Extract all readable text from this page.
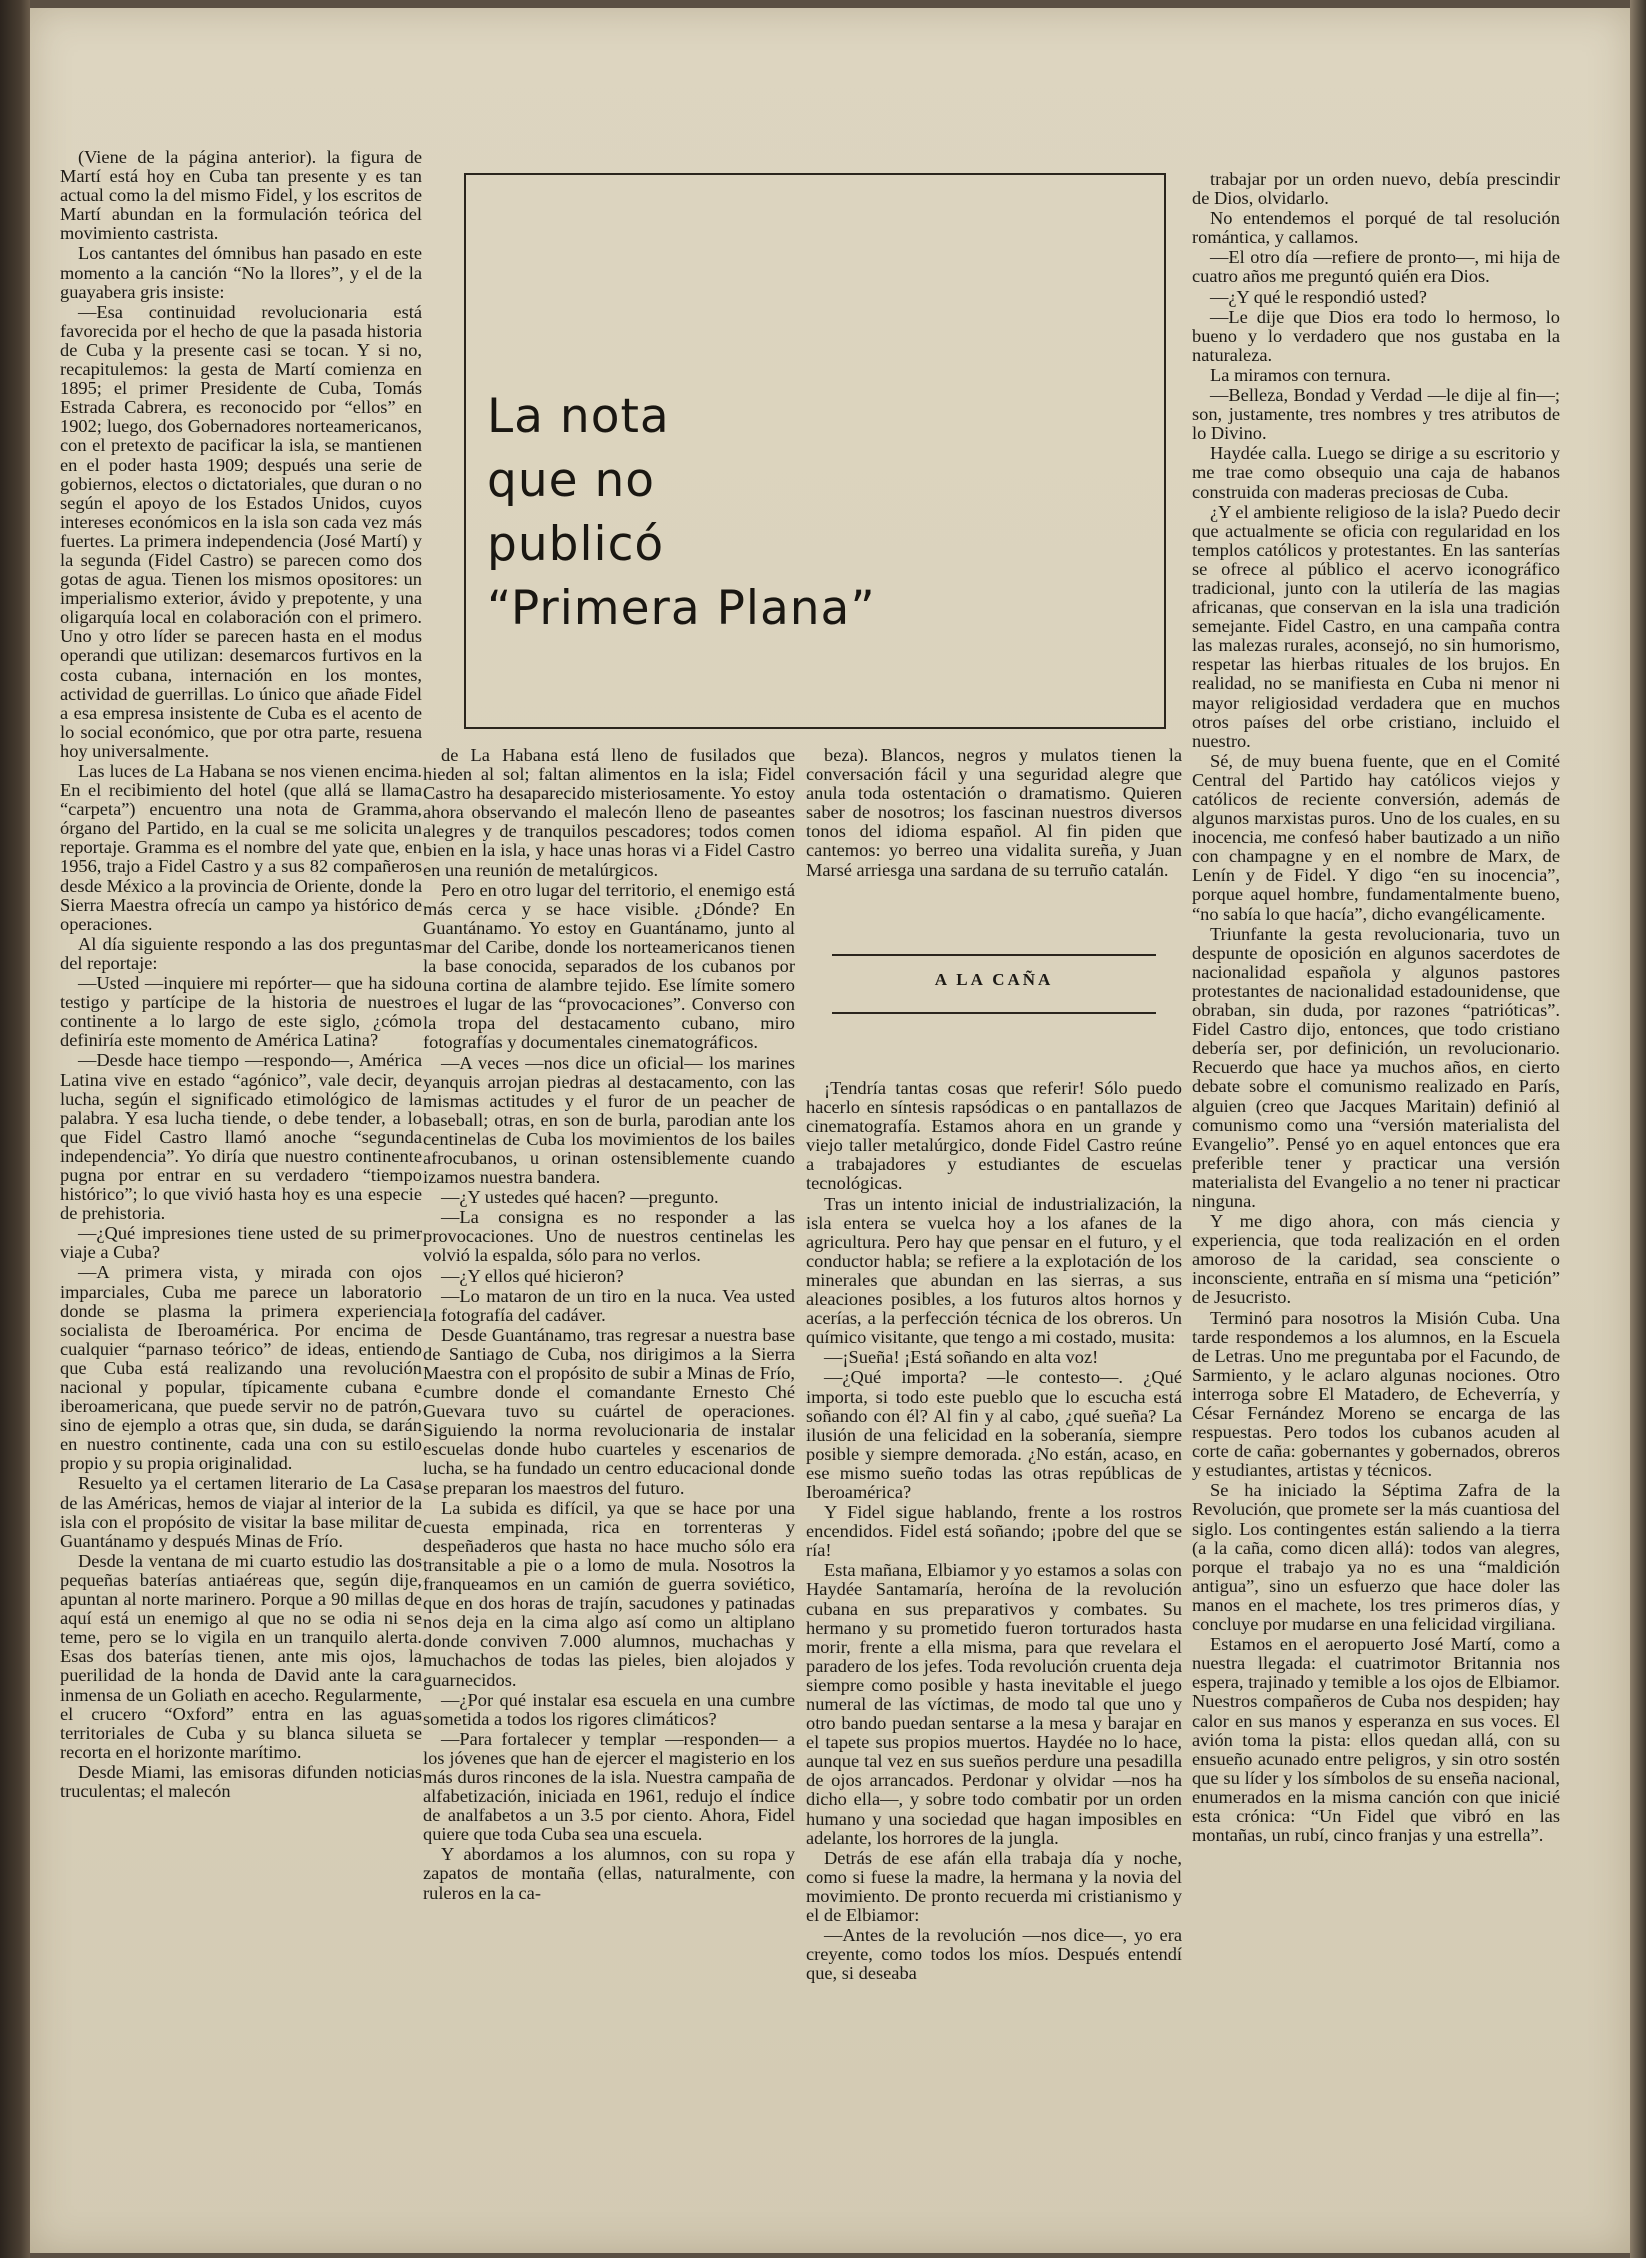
La nota
que no
publicó
“Primera Plana”

(Viene de la página anterior). la figura de Martí está hoy en Cuba tan presente y es tan actual como la del mismo Fidel, y los escritos de Martí abundan en la formulación teórica del movimiento castrista.

Los cantantes del ómnibus han pasado en este momento a la canción “No la llores”, y el de la guayabera gris insiste:

—Esa continuidad revolucionaria está favorecida por el hecho de que la pasada historia de Cuba y la presente casi se tocan. Y si no, recapitulemos: la gesta de Martí comienza en 1895; el primer Presidente de Cuba, Tomás Estrada Cabrera, es reconocido por “ellos” en 1902; luego, dos Gobernadores norteamericanos, con el pretexto de pacificar la isla, se mantienen en el poder hasta 1909; después una serie de gobiernos, electos o dictatoriales, que duran o no según el apoyo de los Estados Unidos, cuyos intereses económicos en la isla son cada vez más fuertes. La primera independencia (José Martí) y la segunda (Fidel Castro) se parecen como dos gotas de agua. Tienen los mismos opositores: un imperialismo exterior, ávido y prepotente, y una oligarquía local en colaboración con el primero. Uno y otro líder se parecen hasta en el modus operandi que utilizan: desemarcos furtivos en la costa cubana, internación en los montes, actividad de guerrillas. Lo único que añade Fidel a esa empresa insistente de Cuba es el acento de lo social económico, que por otra parte, resuena hoy universalmente.

Las luces de La Habana se nos vienen encima. En el recibimiento del hotel (que allá se llama “carpeta”) encuentro una nota de Gramma, órgano del Partido, en la cual se me solicita un reportaje. Gramma es el nombre del yate que, en 1956, trajo a Fidel Castro y a sus 82 compañeros desde México a la provincia de Oriente, donde la Sierra Maestra ofrecía un campo ya histórico de operaciones.

Al día siguiente respondo a las dos preguntas del reportaje:

—Usted —inquiere mi repórter— que ha sido testigo y partícipe de la historia de nuestro continente a lo largo de este siglo, ¿cómo definiría este momento de América Latina?

—Desde hace tiempo —respondo—, América Latina vive en estado “agónico”, vale decir, de lucha, según el significado etimológico de la palabra. Y esa lucha tiende, o debe tender, a lo que Fidel Castro llamó anoche “segunda independencia”. Yo diría que nuestro continente pugna por entrar en su verdadero “tiempo histórico”; lo que vivió hasta hoy es una especie de prehistoria.

—¿Qué impresiones tiene usted de su primer viaje a Cuba?

—A primera vista, y mirada con ojos imparciales, Cuba me parece un laboratorio donde se plasma la primera experiencia socialista de Iberoamérica. Por encima de cualquier “parnaso teórico” de ideas, entiendo que Cuba está realizando una revolución nacional y popular, típicamente cubana e iberoamericana, que puede servir no de patrón, sino de ejemplo a otras que, sin duda, se darán en nuestro continente, cada una con su estilo propio y su propia originalidad.

Resuelto ya el certamen literario de La Casa de las Américas, hemos de viajar al interior de la isla con el propósito de visitar la base militar de Guantánamo y después Minas de Frío.

Desde la ventana de mi cuarto estudio las dos pequeñas baterías antiaéreas que, según dije, apuntan al norte marinero. Porque a 90 millas de aquí está un enemigo al que no se odia ni se teme, pero se lo vigila en un tranquilo alerta. Esas dos baterías tienen, ante mis ojos, la puerilidad de la honda de David ante la cara inmensa de un Goliath en acecho. Regularmente, el crucero “Oxford” entra en las aguas territoriales de Cuba y su blanca silueta se recorta en el horizonte marítimo.

Desde Miami, las emisoras difunden noticias truculentas; el malecón

de La Habana está lleno de fusilados que hieden al sol; faltan alimentos en la isla; Fidel Castro ha desaparecido misteriosamente. Yo estoy ahora observando el malecón lleno de paseantes alegres y de tranquilos pescadores; todos comen bien en la isla, y hace unas horas vi a Fidel Castro en una reunión de metalúrgicos.

Pero en otro lugar del territorio, el enemigo está más cerca y se hace visible. ¿Dónde? En Guantánamo. Yo estoy en Guantánamo, junto al mar del Caribe, donde los norteamericanos tienen la base conocida, separados de los cubanos por una cortina de alambre tejido. Ese límite somero es el lugar de las “provocaciones”. Converso con la tropa del destacamento cubano, miro fotografías y documentales cinematográficos.

—A veces —nos dice un oficial— los marines yanquis arrojan piedras al destacamento, con las mismas actitudes y el furor de un peacher de baseball; otras, en son de burla, parodian ante los centinelas de Cuba los movimientos de los bailes afrocubanos, u orinan ostensiblemente cuando izamos nuestra bandera.

—¿Y ustedes qué hacen? —pregunto.

—La consigna es no responder a las provocaciones. Uno de nuestros centinelas les volvió la espalda, sólo para no verlos.

—¿Y ellos qué hicieron?

—Lo mataron de un tiro en la nuca. Vea usted la fotografía del cadáver.

Desde Guantánamo, tras regresar a nuestra base de Santiago de Cuba, nos dirigimos a la Sierra Maestra con el propósito de subir a Minas de Frío, cumbre donde el comandante Ernesto Ché Guevara tuvo su cuártel de operaciones. Siguiendo la norma revolucionaria de instalar escuelas donde hubo cuarteles y escenarios de lucha, se ha fundado un centro educacional donde se preparan los maestros del futuro.

La subida es difícil, ya que se hace por una cuesta empinada, rica en torrenteras y despeñaderos que hasta no hace mucho sólo era transitable a pie o a lomo de mula. Nosotros la franqueamos en un camión de guerra soviético, que en dos horas de trajín, sacudones y patinadas nos deja en la cima algo así como un altiplano donde conviven 7.000 alumnos, muchachas y muchachos de todas las pieles, bien alojados y guarnecidos.

—¿Por qué instalar esa escuela en una cumbre sometida a todos los rigores climáticos?

—Para fortalecer y templar —responden— a los jóvenes que han de ejercer el magisterio en los más duros rincones de la isla. Nuestra campaña de alfabetización, iniciada en 1961, redujo el índice de analfabetos a un 3.5 por ciento. Ahora, Fidel quiere que toda Cuba sea una escuela.

Y abordamos a los alumnos, con su ropa y zapatos de montaña (ellas, naturalmente, con ruleros en la ca-

beza). Blancos, negros y mulatos tienen la conversación fácil y una seguridad alegre que anula toda ostentación o dramatismo. Quieren saber de nosotros; los fascinan nuestros diversos tonos del idioma español. Al fin piden que cantemos: yo berreo una vidalita sureña, y Juan Marsé arriesga una sardana de su terruño catalán.

A LA CAÑA

¡Tendría tantas cosas que referir! Sólo puedo hacerlo en síntesis rapsódicas o en pantallazos de cinematografía. Estamos ahora en un grande y viejo taller metalúrgico, donde Fidel Castro reúne a trabajadores y estudiantes de escuelas tecnológicas.

Tras un intento inicial de industrialización, la isla entera se vuelca hoy a los afanes de la agricultura. Pero hay que pensar en el futuro, y el conductor habla; se refiere a la explotación de los minerales que abundan en las sierras, a sus aleaciones posibles, a los futuros altos hornos y acerías, a la perfección técnica de los obreros. Un químico visitante, que tengo a mi costado, musita:

—¡Sueña! ¡Está soñando en alta voz!

—¿Qué importa? —le contesto—. ¿Qué importa, si todo este pueblo que lo escucha está soñando con él? Al fin y al cabo, ¿qué sueña? La ilusión de una felicidad en la soberanía, siempre posible y siempre demorada. ¿No están, acaso, en ese mismo sueño todas las otras repúblicas de Iberoamérica?

Y Fidel sigue hablando, frente a los rostros encendidos. Fidel está soñando; ¡pobre del que se ría!

Esta mañana, Elbiamor y yo estamos a solas con Haydée Santamaría, heroína de la revolución cubana en sus preparativos y combates. Su hermano y su prometido fueron torturados hasta morir, frente a ella misma, para que revelara el paradero de los jefes. Toda revolución cruenta deja siempre como posible y hasta inevitable el juego numeral de las víctimas, de modo tal que uno y otro bando puedan sentarse a la mesa y barajar en el tapete sus propios muertos. Haydée no lo hace, aunque tal vez en sus sueños perdure una pesadilla de ojos arrancados. Perdonar y olvidar —nos ha dicho ella—, y sobre todo combatir por un orden humano y una sociedad que hagan imposibles en adelante, los horrores de la jungla.

Detrás de ese afán ella trabaja día y noche, como si fuese la madre, la hermana y la novia del movimiento. De pronto recuerda mi cristianismo y el de Elbiamor:

—Antes de la revolución —nos dice—, yo era creyente, como todos los míos. Después entendí que, si deseaba

trabajar por un orden nuevo, debía prescindir de Dios, olvidarlo.

No entendemos el porqué de tal resolución romántica, y callamos.

—El otro día —refiere de pronto—, mi hija de cuatro años me preguntó quién era Dios.

—¿Y qué le respondió usted?

—Le dije que Dios era todo lo hermoso, lo bueno y lo verdadero que nos gustaba en la naturaleza.

La miramos con ternura.

—Belleza, Bondad y Verdad —le dije al fin—; son, justamente, tres nombres y tres atributos de lo Divino.

Haydée calla. Luego se dirige a su escritorio y me trae como obsequio una caja de habanos construida con maderas preciosas de Cuba.

¿Y el ambiente religioso de la isla? Puedo decir que actualmente se oficia con regularidad en los templos católicos y protestantes. En las santerías se ofrece al público el acervo iconográfico tradicional, junto con la utilería de las magias africanas, que conservan en la isla una tradición semejante. Fidel Castro, en una campaña contra las malezas rurales, aconsejó, no sin humorismo, respetar las hierbas rituales de los brujos. En realidad, no se manifiesta en Cuba ni menor ni mayor religiosidad verdadera que en muchos otros países del orbe cristiano, incluido el nuestro.

Sé, de muy buena fuente, que en el Comité Central del Partido hay católicos viejos y católicos de reciente conversión, además de algunos marxistas puros. Uno de los cuales, en su inocencia, me confesó haber bautizado a un niño con champagne y en el nombre de Marx, de Lenín y de Fidel. Y digo “en su inocencia”, porque aquel hombre, fundamentalmente bueno, “no sabía lo que hacía”, dicho evangélicamente.

Triunfante la gesta revolucionaria, tuvo un despunte de oposición en algunos sacerdotes de nacionalidad española y algunos pastores protestantes de nacionalidad estadounidense, que obraban, sin duda, por razones “patrióticas”. Fidel Castro dijo, entonces, que todo cristiano debería ser, por definición, un revolucionario. Recuerdo que hace ya muchos años, en cierto debate sobre el comunismo realizado en París, alguien (creo que Jacques Maritain) definió al comunismo como una “versión materialista del Evangelio”. Pensé yo en aquel entonces que era preferible tener y practicar una versión materialista del Evangelio a no tener ni practicar ninguna.

Y me digo ahora, con más ciencia y experiencia, que toda realización en el orden amoroso de la caridad, sea consciente o inconsciente, entraña en sí misma una “petición” de Jesucristo.

Terminó para nosotros la Misión Cuba. Una tarde respondemos a los alumnos, en la Escuela de Letras. Uno me preguntaba por el Facundo, de Sarmiento, y le aclaro algunas nociones. Otro interroga sobre El Matadero, de Echeverría, y César Fernández Moreno se encarga de las respuestas. Pero todos los cubanos acuden al corte de caña: gobernantes y gobernados, obreros y estudiantes, artistas y técnicos.

Se ha iniciado la Séptima Zafra de la Revolución, que promete ser la más cuantiosa del siglo. Los contingentes están saliendo a la tierra (a la caña, como dicen allá): todos van alegres, porque el trabajo ya no es una “maldición antigua”, sino un esfuerzo que hace doler las manos en el machete, los tres primeros días, y concluye por mudarse en una felicidad virgiliana.

Estamos en el aeropuerto José Martí, como a nuestra llegada: el cuatrimotor Britannia nos espera, trajinado y temible a los ojos de Elbiamor. Nuestros compañeros de Cuba nos despiden; hay calor en sus manos y esperanza en sus voces. El avión toma la pista: ellos quedan allá, con su ensueño acunado entre peligros, y sin otro sostén que su líder y los símbolos de su enseña nacional, enumerados en la misma canción con que inicié esta crónica: “Un Fidel que vibró en las montañas, un rubí, cinco franjas y una estrella”.
